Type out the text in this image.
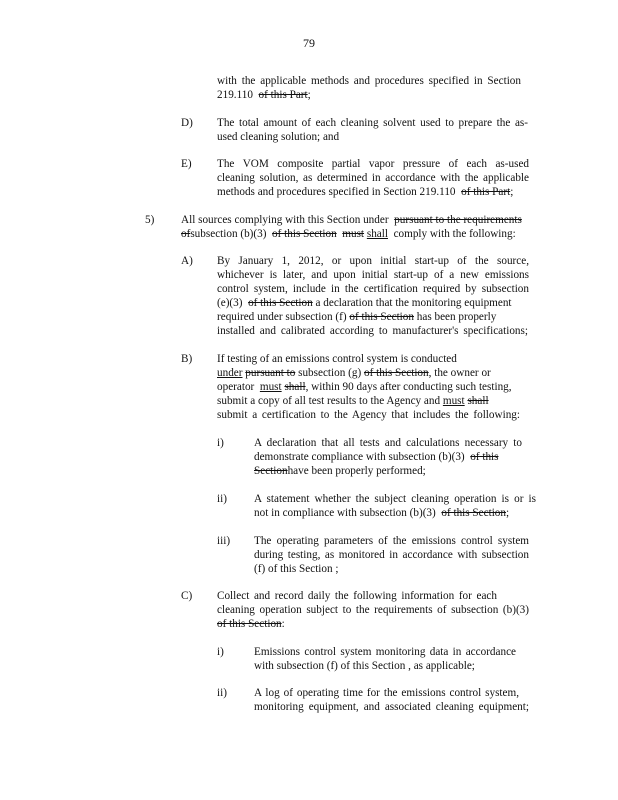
79
with the applicable methods and procedures specified in Section
219.110 of this Part;
D) The total amount of each cleaning solvent used to prepare the as-
used cleaning solution; and
E) The VOM composite partial vapor pressure of each as-used
cleaning solution, as determined in accordance with the applicable
methods and procedures specified in Section 219.110 of this Part;
5) All sources complying with this Section under pursuant to the requirements
ofsubsection (b)(3) of this Section must shall comply with the following:
A) By January 1, 2012, or upon initial start-up of the source,
whichever is later, and upon initial start-up of a new emissions
control system, include in the certification required by subsection
(e)(3) of this Section a declaration that the monitoring equipment
required under subsection (f) of this Section has been properly
installed and calibrated according to manufacturer's specifications;
B) If testing of an emissions control system is conducted
under pursuant to subsection (g) of this Section, the owner or
operator must shall, within 90 days after conducting such testing,
submit a copy of all test results to the Agency and must shall
submit a certification to the Agency that includes the following:
i)	A declaration that all tests and calculations necessary to
demonstrate compliance with subsection (b)(3) of this
Sectionhave been properly performed;
ii) A statement whether the subject cleaning operation is or is
not in compliance with subsection (b)(3) of this Section;
iii) The operating parameters of the emissions control system
during testing, as monitored in accordance with subsection
(f) of this Section ;
C) Collect and record daily the following information for each
cleaning operation subject to the requirements of subsection (b)(3)
of this Section:
i)	Emissions control system monitoring data in accordance
with subsection (f) of this Section , as applicable;
ii) A log of operating time for the emissions control system,
monitoring equipment, and associated cleaning equipment;
